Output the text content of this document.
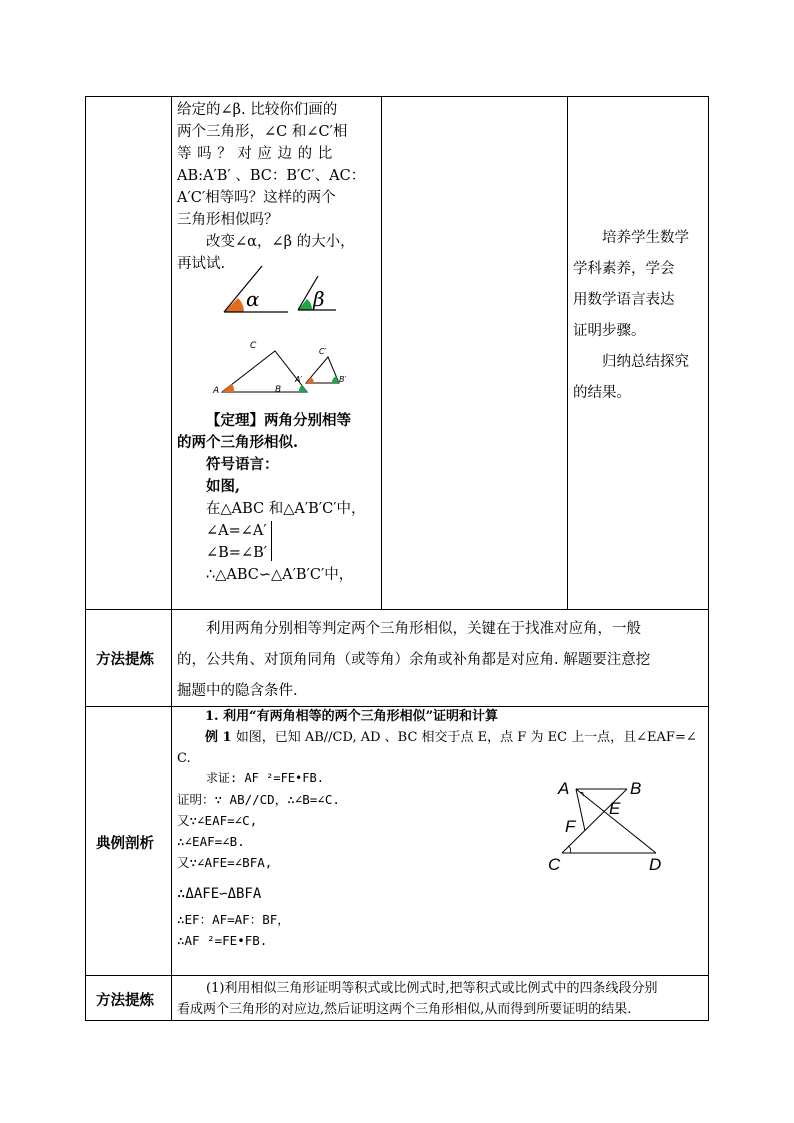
给定的∠β. 比较你们画的
两个三角形，∠C 和∠C′相
等 吗 ？ 对 应 边 的 比
AB:A′B′ 、BC：B′C′、AC：
A′C′相等吗？这样的两个
三角形相似吗？
改变∠α，∠β 的大小，
再试试.
α	β
C
A	B
C′
A′	B′
【定理】两角分别相等
的两个三角形相似.
符号语言：
如图,
在△ABC 和△A′B′C′中，
∠A=∠A′
∠B=∠B′
∴△ABC∽△A′B′C′中，
培养学生数学
学科素养，学会
用数学语言表达
证明步骤。
归纳总结探究
的结果。
方法提炼
利用两角分别相等判定两个三角形相似，关键在于找准对应角，一般
的，公共角、对顶角同角（或等角）余角或补角都是对应角. 解题要注意挖
掘题中的隐含条件.
典例剖析
1. 利用“有两角相等的两个三角形相似”证明和计算
例 1 如图，已知 AB//CD, AD 、BC 相交于点 E，点 F 为 EC 上一点，且∠EAF=∠
C.
求证: AF ²=FE•FB.
证明：∵ AB//CD，∴∠B=∠C.
又∵∠EAF=∠C,
∴∠EAF=∠B.
又∵∠AFE=∠BFA,
∴ΔAFE∽ΔBFA
∴EF：AF=AF：BF，
∴AF ²=FE•FB.
A	B
E
F
C	D
方法提炼
(1)利用相似三角形证明等积式或比例式时,把等积式或比例式中的四条线段分别
看成两个三角形的对应边,然后证明这两个三角形相似,从而得到所要证明的结果.
